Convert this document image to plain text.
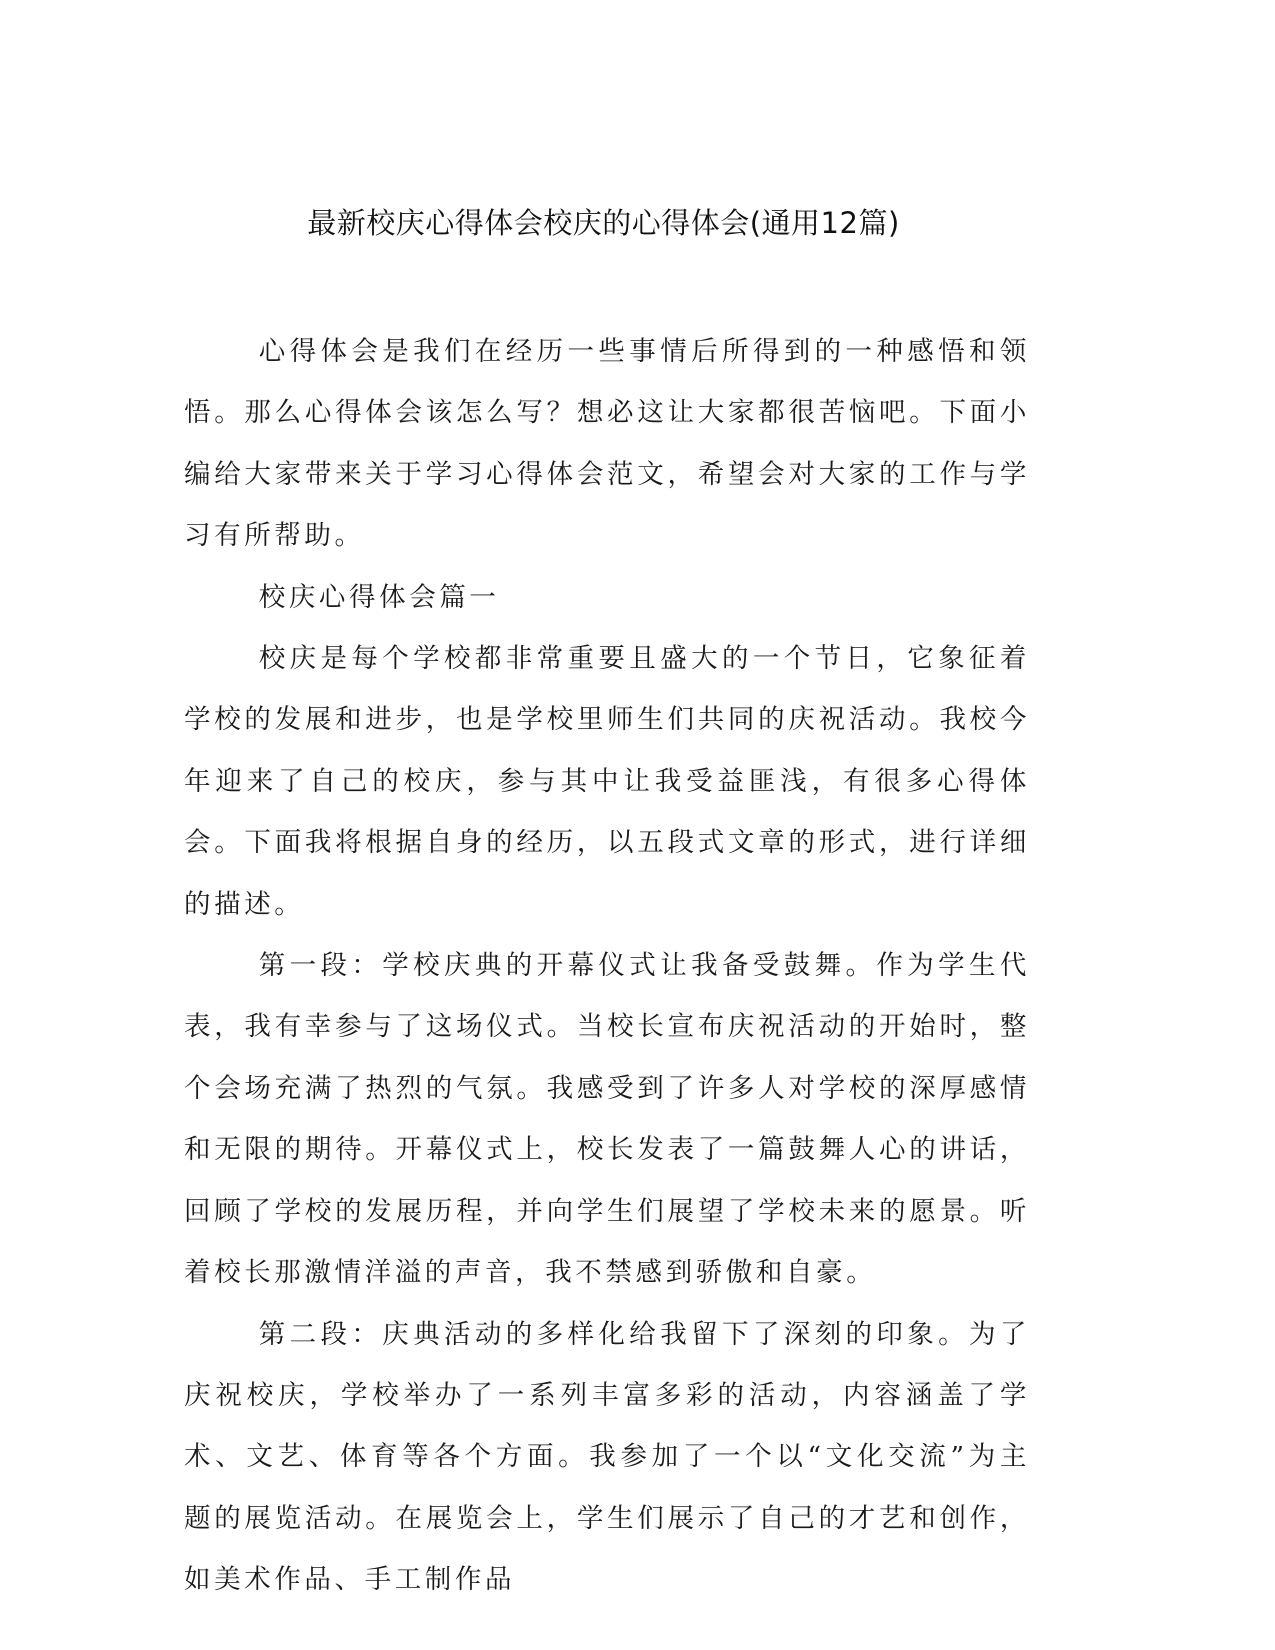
最新校庆心得体会校庆的心得体会(通用12篇)

心得体会是我们在经历一些事情后所得到的一种感悟和领悟。那么心得体会该怎么写？想必这让大家都很苦恼吧。下面小编给大家带来关于学习心得体会范文，希望会对大家的工作与学习有所帮助。

校庆心得体会篇一

校庆是每个学校都非常重要且盛大的一个节日，它象征着学校的发展和进步，也是学校里师生们共同的庆祝活动。我校今年迎来了自己的校庆，参与其中让我受益匪浅，有很多心得体会。下面我将根据自身的经历，以五段式文章的形式，进行详细的描述。

第一段：学校庆典的开幕仪式让我备受鼓舞。作为学生代表，我有幸参与了这场仪式。当校长宣布庆祝活动的开始时，整个会场充满了热烈的气氛。我感受到了许多人对学校的深厚感情和无限的期待。开幕仪式上，校长发表了一篇鼓舞人心的讲话，回顾了学校的发展历程，并向学生们展望了学校未来的愿景。听着校长那激情洋溢的声音，我不禁感到骄傲和自豪。

第二段：庆典活动的多样化给我留下了深刻的印象。为了庆祝校庆，学校举办了一系列丰富多彩的活动，内容涵盖了学术、文艺、体育等各个方面。我参加了一个以“文化交流”为主题的展览活动。在展览会上，学生们展示了自己的才艺和创作，如美术作品、手工制作品
